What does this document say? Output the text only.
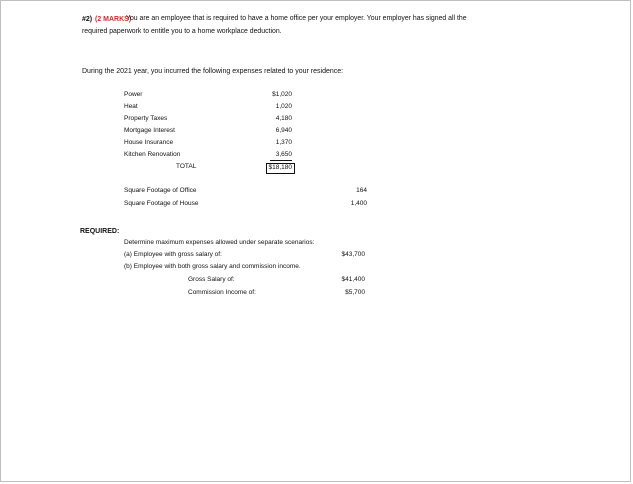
#2) (2 MARKS)
You are an employee that is required to have a home office per your employer. Your employer has signed all the
required paperwork to entitle you to a home workplace deduction.
During the 2021 year, you incurred the following expenses related to your residence:
Power	$1,020
Heat	1,020
Property Taxes	4,180
Mortgage Interest	6,940
House Insurance	1,370
Kitchen Renovation	3,650
TOTAL	$18,180
Square Footage of Office	164
Square Footage of House	1,400
REQUIRED:
Determine maximum expenses allowed under separate scenarios:
(a) Employee with gross salary of:	$43,700
(b) Employee with both gross salary and commission income.
Gross Salary of:	$41,400
Commission Income of:	$5,700
